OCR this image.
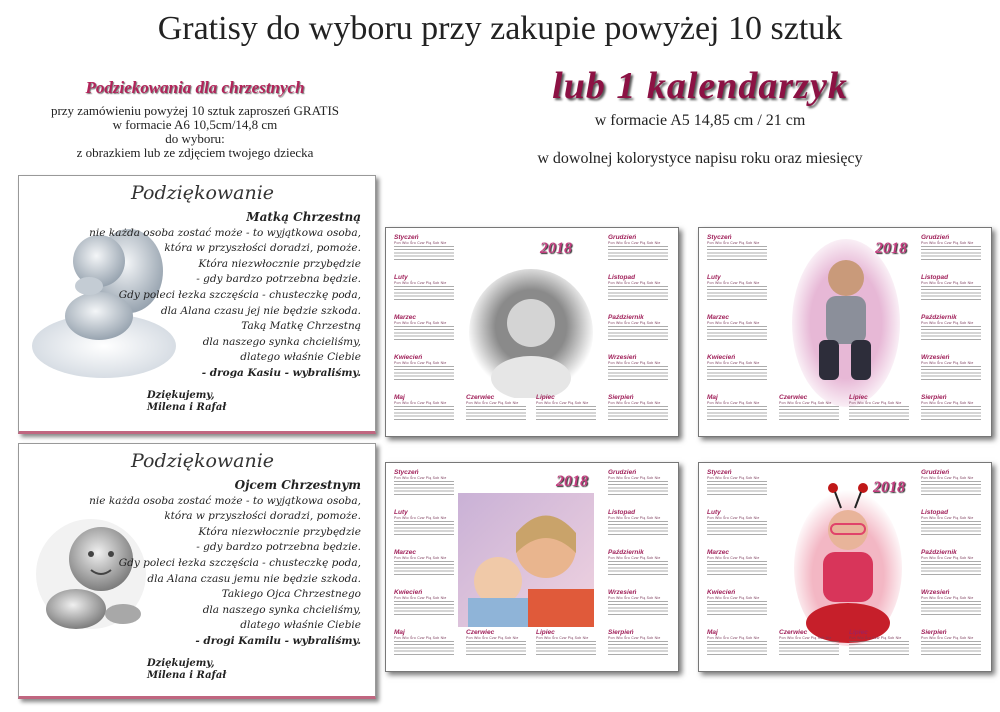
Gratisy do wyboru przy zakupie powyżej 10 sztuk
Podziekowania dla chrzestnych
przy zamówieniu powyżej 10 sztuk zaproszeń GRATIS
w formacie A6 10,5cm/14,8 cm
do wyboru:
z obrazkiem lub ze zdjęciem twojego dziecka
lub 1 kalendarzyk
w formacie A5 14,85 cm / 21 cm
w dowolnej kolorystyce napisu roku oraz miesięcy
Podziękowanie
Matką Chrzestną
nie każda osoba zostać może - to wyjątkowa osoba,
która w przyszłości doradzi, pomoże.
Która niezwłocznie przybędzie
- gdy bardzo potrzebna będzie.
Gdy poleci łezka szczęścia - chusteczkę poda,
dla Alana czasu jej nie będzie szkoda.
Taką Matkę Chrzestną
dla naszego synka chcieliśmy,
dlatego właśnie Ciebie
- droga Kasiu - wybraliśmy.
Dziękujemy,
Milena i Rafał
Podziękowanie
Ojcem Chrzestnym
nie każda osoba zostać może - to wyjątkowa osoba,
która w przyszłości doradzi, pomoże.
Która niezwłocznie przybędzie
- gdy bardzo potrzebna będzie.
Gdy poleci łezka szczęścia - chusteczkę poda,
dla Alana czasu jemu nie będzie szkoda.
Takiego Ojca Chrzestnego
dla naszego synka chcieliśmy,
dlatego właśnie Ciebie
- drogi Kamilu - wybraliśmy.
Dziękujemy,
Milena i Rafał
2018
Styczeń
Pon Wto Śro Czw Pią Sob Nie
Luty
Pon Wto Śro Czw Pią Sob Nie
Marzec
Pon Wto Śro Czw Pią Sob Nie
Kwiecień
Pon Wto Śro Czw Pią Sob Nie
Maj
Pon Wto Śro Czw Pią Sob Nie
Grudzień
Pon Wto Śro Czw Pią Sob Nie
Listopad
Pon Wto Śro Czw Pią Sob Nie
Październik
Pon Wto Śro Czw Pią Sob Nie
Wrzesień
Pon Wto Śro Czw Pią Sob Nie
Sierpień
Pon Wto Śro Czw Pią Sob Nie
Czerwiec
Pon Wto Śro Czw Pią Sob Nie
Lipiec
Pon Wto Śro Czw Pią Sob Nie
2018
Styczeń
Pon Wto Śro Czw Pią Sob Nie
Luty
Pon Wto Śro Czw Pią Sob Nie
Marzec
Pon Wto Śro Czw Pią Sob Nie
Kwiecień
Pon Wto Śro Czw Pią Sob Nie
Maj
Pon Wto Śro Czw Pią Sob Nie
Grudzień
Pon Wto Śro Czw Pią Sob Nie
Listopad
Pon Wto Śro Czw Pią Sob Nie
Październik
Pon Wto Śro Czw Pią Sob Nie
Wrzesień
Pon Wto Śro Czw Pią Sob Nie
Sierpień
Pon Wto Śro Czw Pią Sob Nie
Czerwiec
Pon Wto Śro Czw Pią Sob Nie
Lipiec
Pon Wto Śro Czw Pią Sob Nie
2018
Styczeń
Pon Wto Śro Czw Pią Sob Nie
Luty
Pon Wto Śro Czw Pią Sob Nie
Marzec
Pon Wto Śro Czw Pią Sob Nie
Kwiecień
Pon Wto Śro Czw Pią Sob Nie
Maj
Pon Wto Śro Czw Pią Sob Nie
Grudzień
Pon Wto Śro Czw Pią Sob Nie
Listopad
Pon Wto Śro Czw Pią Sob Nie
Październik
Pon Wto Śro Czw Pią Sob Nie
Wrzesień
Pon Wto Śro Czw Pią Sob Nie
Sierpień
Pon Wto Śro Czw Pią Sob Nie
Czerwiec
Pon Wto Śro Czw Pią Sob Nie
Lipiec
Pon Wto Śro Czw Pią Sob Nie
2018
Styczeń
Pon Wto Śro Czw Pią Sob Nie
Luty
Pon Wto Śro Czw Pią Sob Nie
Marzec
Pon Wto Śro Czw Pią Sob Nie
Kwiecień
Pon Wto Śro Czw Pią Sob Nie
Maj
Pon Wto Śro Czw Pią Sob Nie
Grudzień
Pon Wto Śro Czw Pią Sob Nie
Listopad
Pon Wto Śro Czw Pią Sob Nie
Październik
Pon Wto Śro Czw Pią Sob Nie
Wrzesień
Pon Wto Śro Czw Pią Sob Nie
Sierpień
Pon Wto Śro Czw Pią Sob Nie
Czerwiec
Pon Wto Śro Czw Pią Sob Nie
Lipiec
Pon Wto Śro Czw Pią Sob Nie
